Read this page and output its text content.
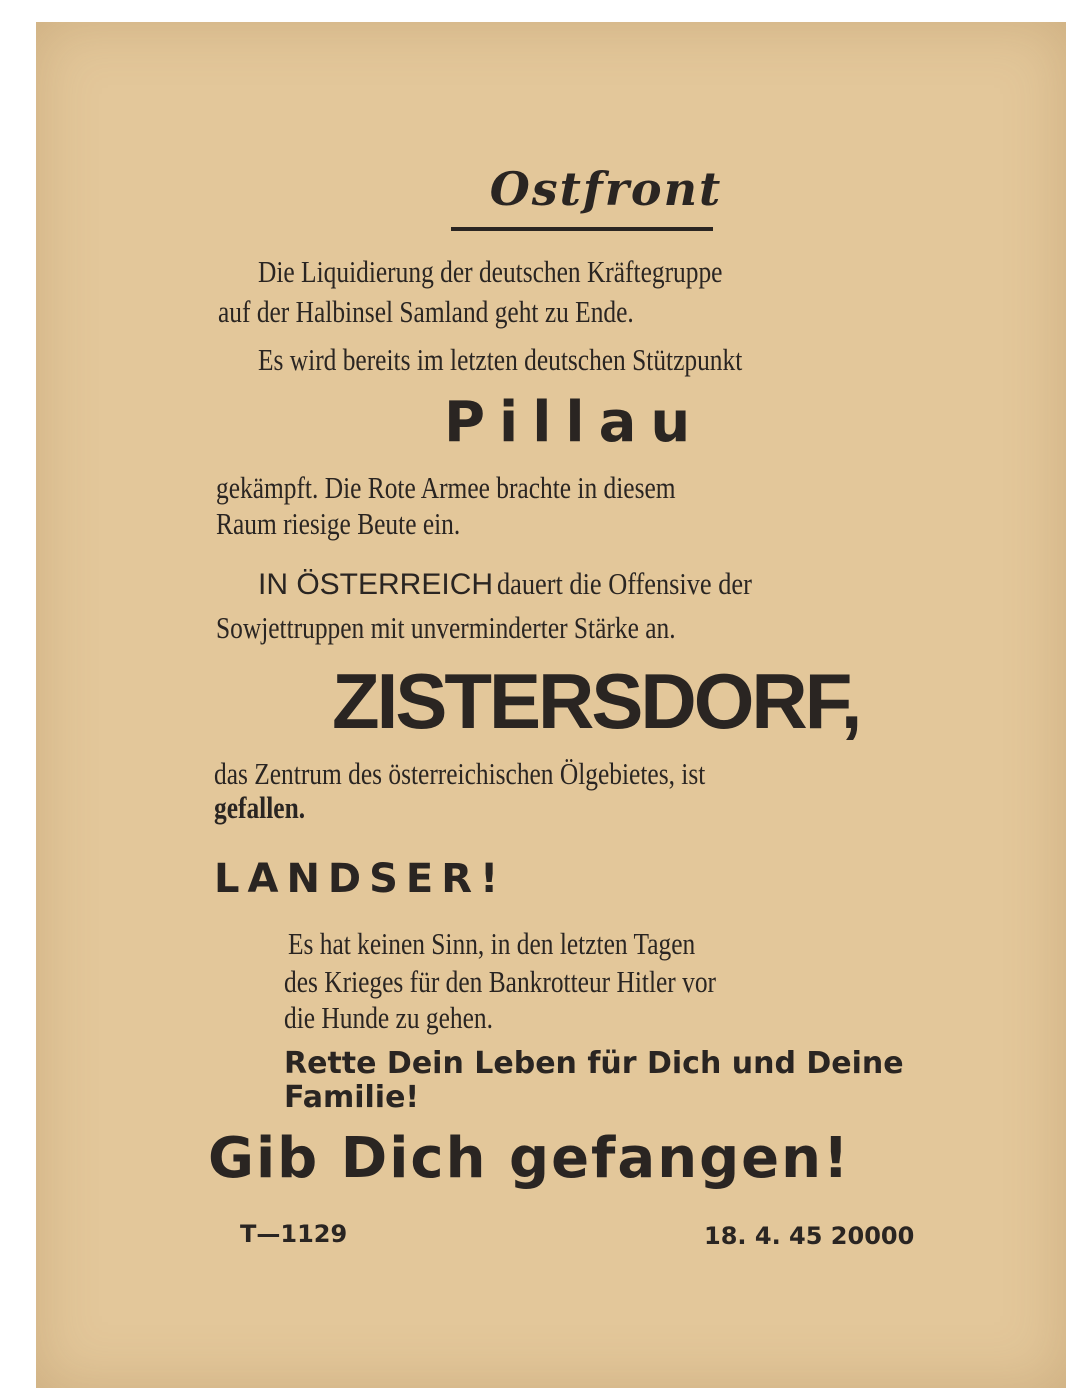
Ostfront
Die Liquidierung der deutschen Kräftegruppe
auf der Halbinsel Samland geht zu Ende.
Es wird bereits im letzten deutschen Stützpunkt
Pillau
gekämpft. Die Rote Armee brachte in diesem
Raum riesige Beute ein.
IN ÖSTERREICH dauert die Offensive der
Sowjettruppen mit unverminderter Stärke an.
ZISTERSDORF,
das Zentrum des österreichischen Ölgebietes, ist
gefallen.
LANDSER!
Es hat keinen Sinn, in den letzten Tagen
des Krieges für den Bankrotteur Hitler vor
die Hunde zu gehen.
Rette Dein Leben für Dich und Deine
Familie!
Gib Dich gefangen!
T—1129	18. 4. 45 20000
